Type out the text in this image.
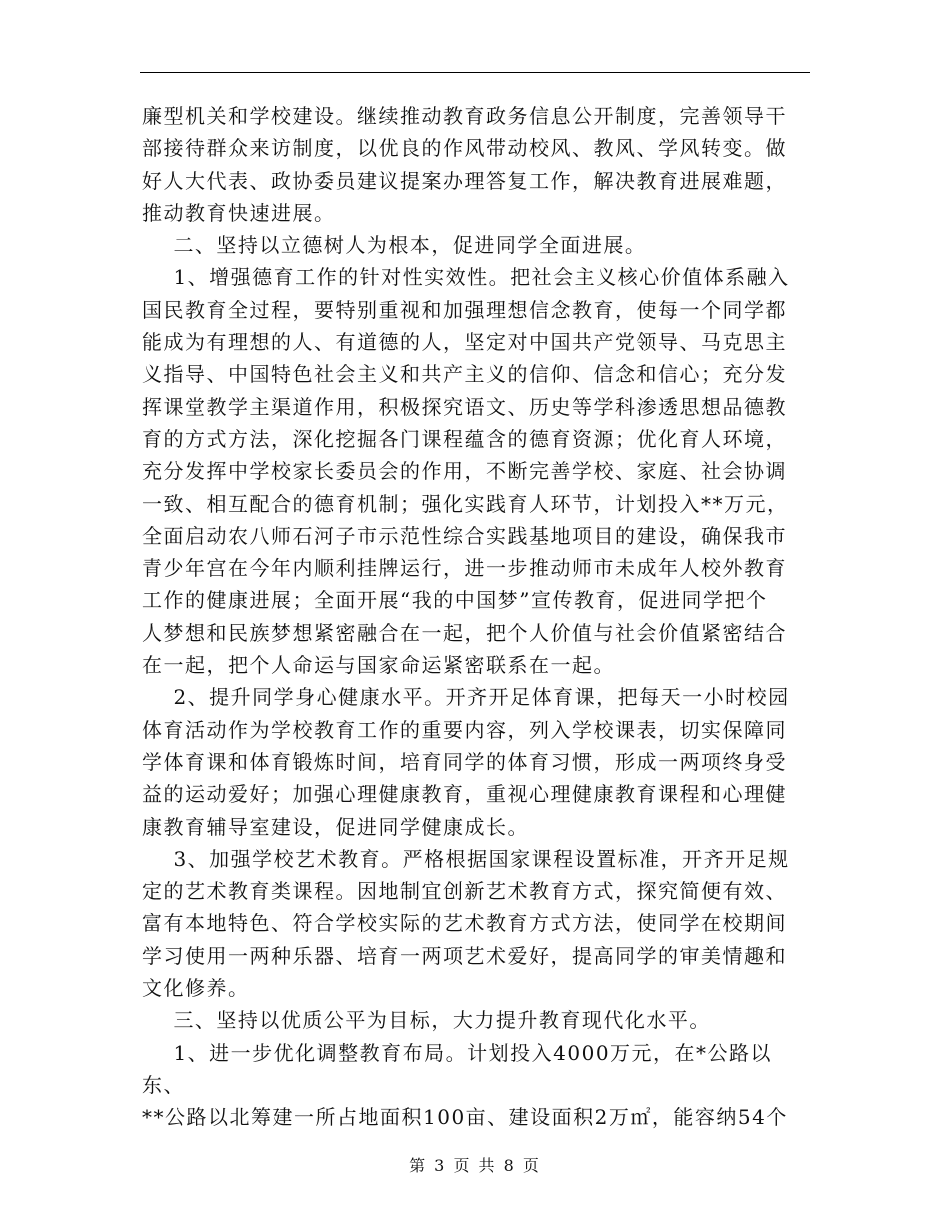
廉型机关和学校建设。继续推动教育政务信息公开制度，完善领导干

部接待群众来访制度，以优良的作风带动校风、教风、学风转变。做

好人大代表、政协委员建议提案办理答复工作，解决教育进展难题，

推动教育快速进展。

二、坚持以立德树人为根本，促进同学全面进展。

1、增强德育工作的针对性实效性。把社会主义核心价值体系融入

国民教育全过程，要特别重视和加强理想信念教育，使每一个同学都

能成为有理想的人、有道德的人，坚定对中国共产党领导、马克思主

义指导、中国特色社会主义和共产主义的信仰、信念和信心；充分发

挥课堂教学主渠道作用，积极探究语文、历史等学科渗透思想品德教

育的方式方法，深化挖掘各门课程蕴含的德育资源；优化育人环境，

充分发挥中学校家长委员会的作用，不断完善学校、家庭、社会协调

一致、相互配合的德育机制；强化实践育人环节，计划投入**万元，

全面启动农八师石河子市示范性综合实践基地项目的建设，确保我市

青少年宫在今年内顺利挂牌运行，进一步推动师市未成年人校外教育

工作的健康进展；全面开展“我的中国梦”宣传教育，促进同学把个

人梦想和民族梦想紧密融合在一起，把个人价值与社会价值紧密结合

在一起，把个人命运与国家命运紧密联系在一起。

2、提升同学身心健康水平。开齐开足体育课，把每天一小时校园

体育活动作为学校教育工作的重要内容，列入学校课表，切实保障同

学体育课和体育锻炼时间，培育同学的体育习惯，形成一两项终身受

益的运动爱好；加强心理健康教育，重视心理健康教育课程和心理健

康教育辅导室建设，促进同学健康成长。

3、加强学校艺术教育。严格根据国家课程设置标准，开齐开足规

定的艺术教育类课程。因地制宜创新艺术教育方式，探究简便有效、

富有本地特色、符合学校实际的艺术教育方式方法，使同学在校期间

学习使用一两种乐器、培育一两项艺术爱好，提高同学的审美情趣和

文化修养。

三、坚持以优质公平为目标，大力提升教育现代化水平。

1、进一步优化调整教育布局。计划投入4000万元，在*公路以东、

**公路以北筹建一所占地面积100亩、建设面积2万㎡，能容纳54个

第 3 页 共 8 页
